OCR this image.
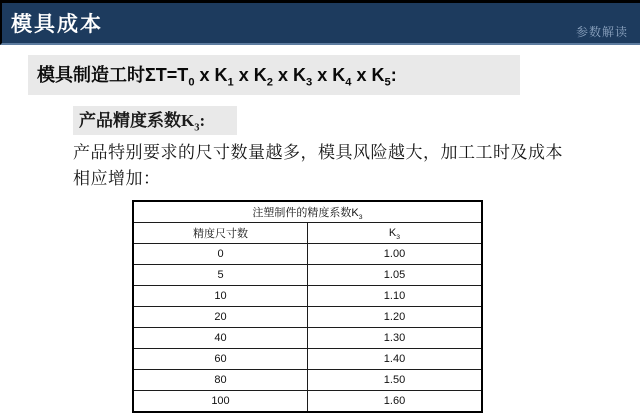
模具成本	参数解读
模具制造工时$\Sigma T=T_0$ x $K_1$ x $K_2$ x $K_3$ x $K_4$ x $K_5$:
产品精度系数$K_3$:
产品特别要求的尺寸数量越多，模具风险越大，加工工时及成本
相应增加：
注塑制件的精度系数$K_3$
精度尺寸数	$K_3$
0	1.00
5	1.05
10	1.10
20	1.20
40	1.30
60	1.40
80	1.50
100	1.60
